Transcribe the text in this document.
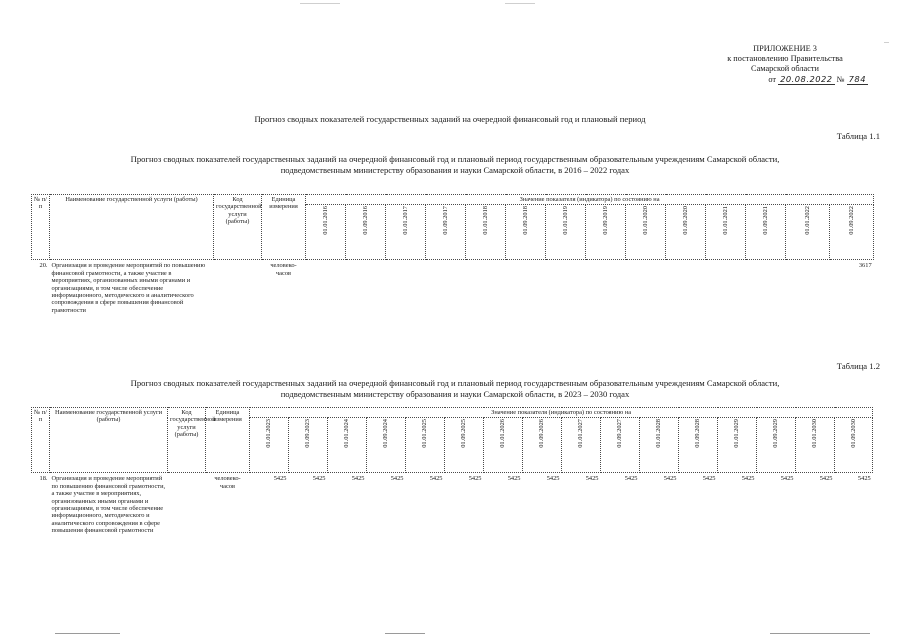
ПРИЛОЖЕНИЕ 3
к постановлению Правительства
Самарской области
от 20.08.2022 № 784
Прогноз сводных показателей государственных заданий на очередной финансовый год и плановый период
Таблица 1.1
Прогноз сводных показателей государственных заданий на очередной финансовый год и плановый период государственным образовательным учреждениям Самарской области,
подведомственным министерству образования и науки Самарской области, в 2016 – 2022 годах
№ п/п	Наименование государственной услуги (работы)	Код государственной услуги (работы)	Единица измерения	Значение показателя (индикатора) по состоянию на													
				01.01.2016	01.09.2016	01.01.2017	01.09.2017	01.01.2018	01.09.2018	01.01.2019	01.09.2019	01.01.2020	01.09.2020	01.01.2021	01.09.2021	01.01.2022	01.09.2022
20.	Организация и проведение мероприятий по повышению финансовой грамотности, а также участие в мероприятиях, организованных иными органами и организациями, в том числе обеспечение информационного, методического и аналитического сопровождения в сфере повышения финансовой грамотности		человеко-часов														3617
Таблица 1.2
Прогноз сводных показателей государственных заданий на очередной финансовый год и плановый период государственным образовательным учреждениям Самарской области,
подведомственным министерству образования и науки Самарской области, в 2023 – 2030 годах
№ п/п	Наименование государственной услуги (работы)	Код государственной услуги (работы)	Единица измерения	Значение показателя (индикатора) по состоянию на															
				01.01.2023	01.09.2023	01.01.2024	01.09.2024	01.01.2025	01.09.2025	01.01.2026	01.09.2026	01.01.2027	01.09.2027	01.01.2028	01.09.2028	01.01.2029	01.09.2029	01.01.2030	01.09.2030
18.	Организация и проведение мероприятий по повышению финансовой грамотности, а также участие в мероприятиях, организованных иными органами и организациями, в том числе обеспечение информационного, методического и аналитического сопровождения в сфере повышения финансовой грамотности		человеко-часов	5425	5425	5425	5425	5425	5425	5425	5425	5425	5425	5425	5425	5425	5425	5425	5425
